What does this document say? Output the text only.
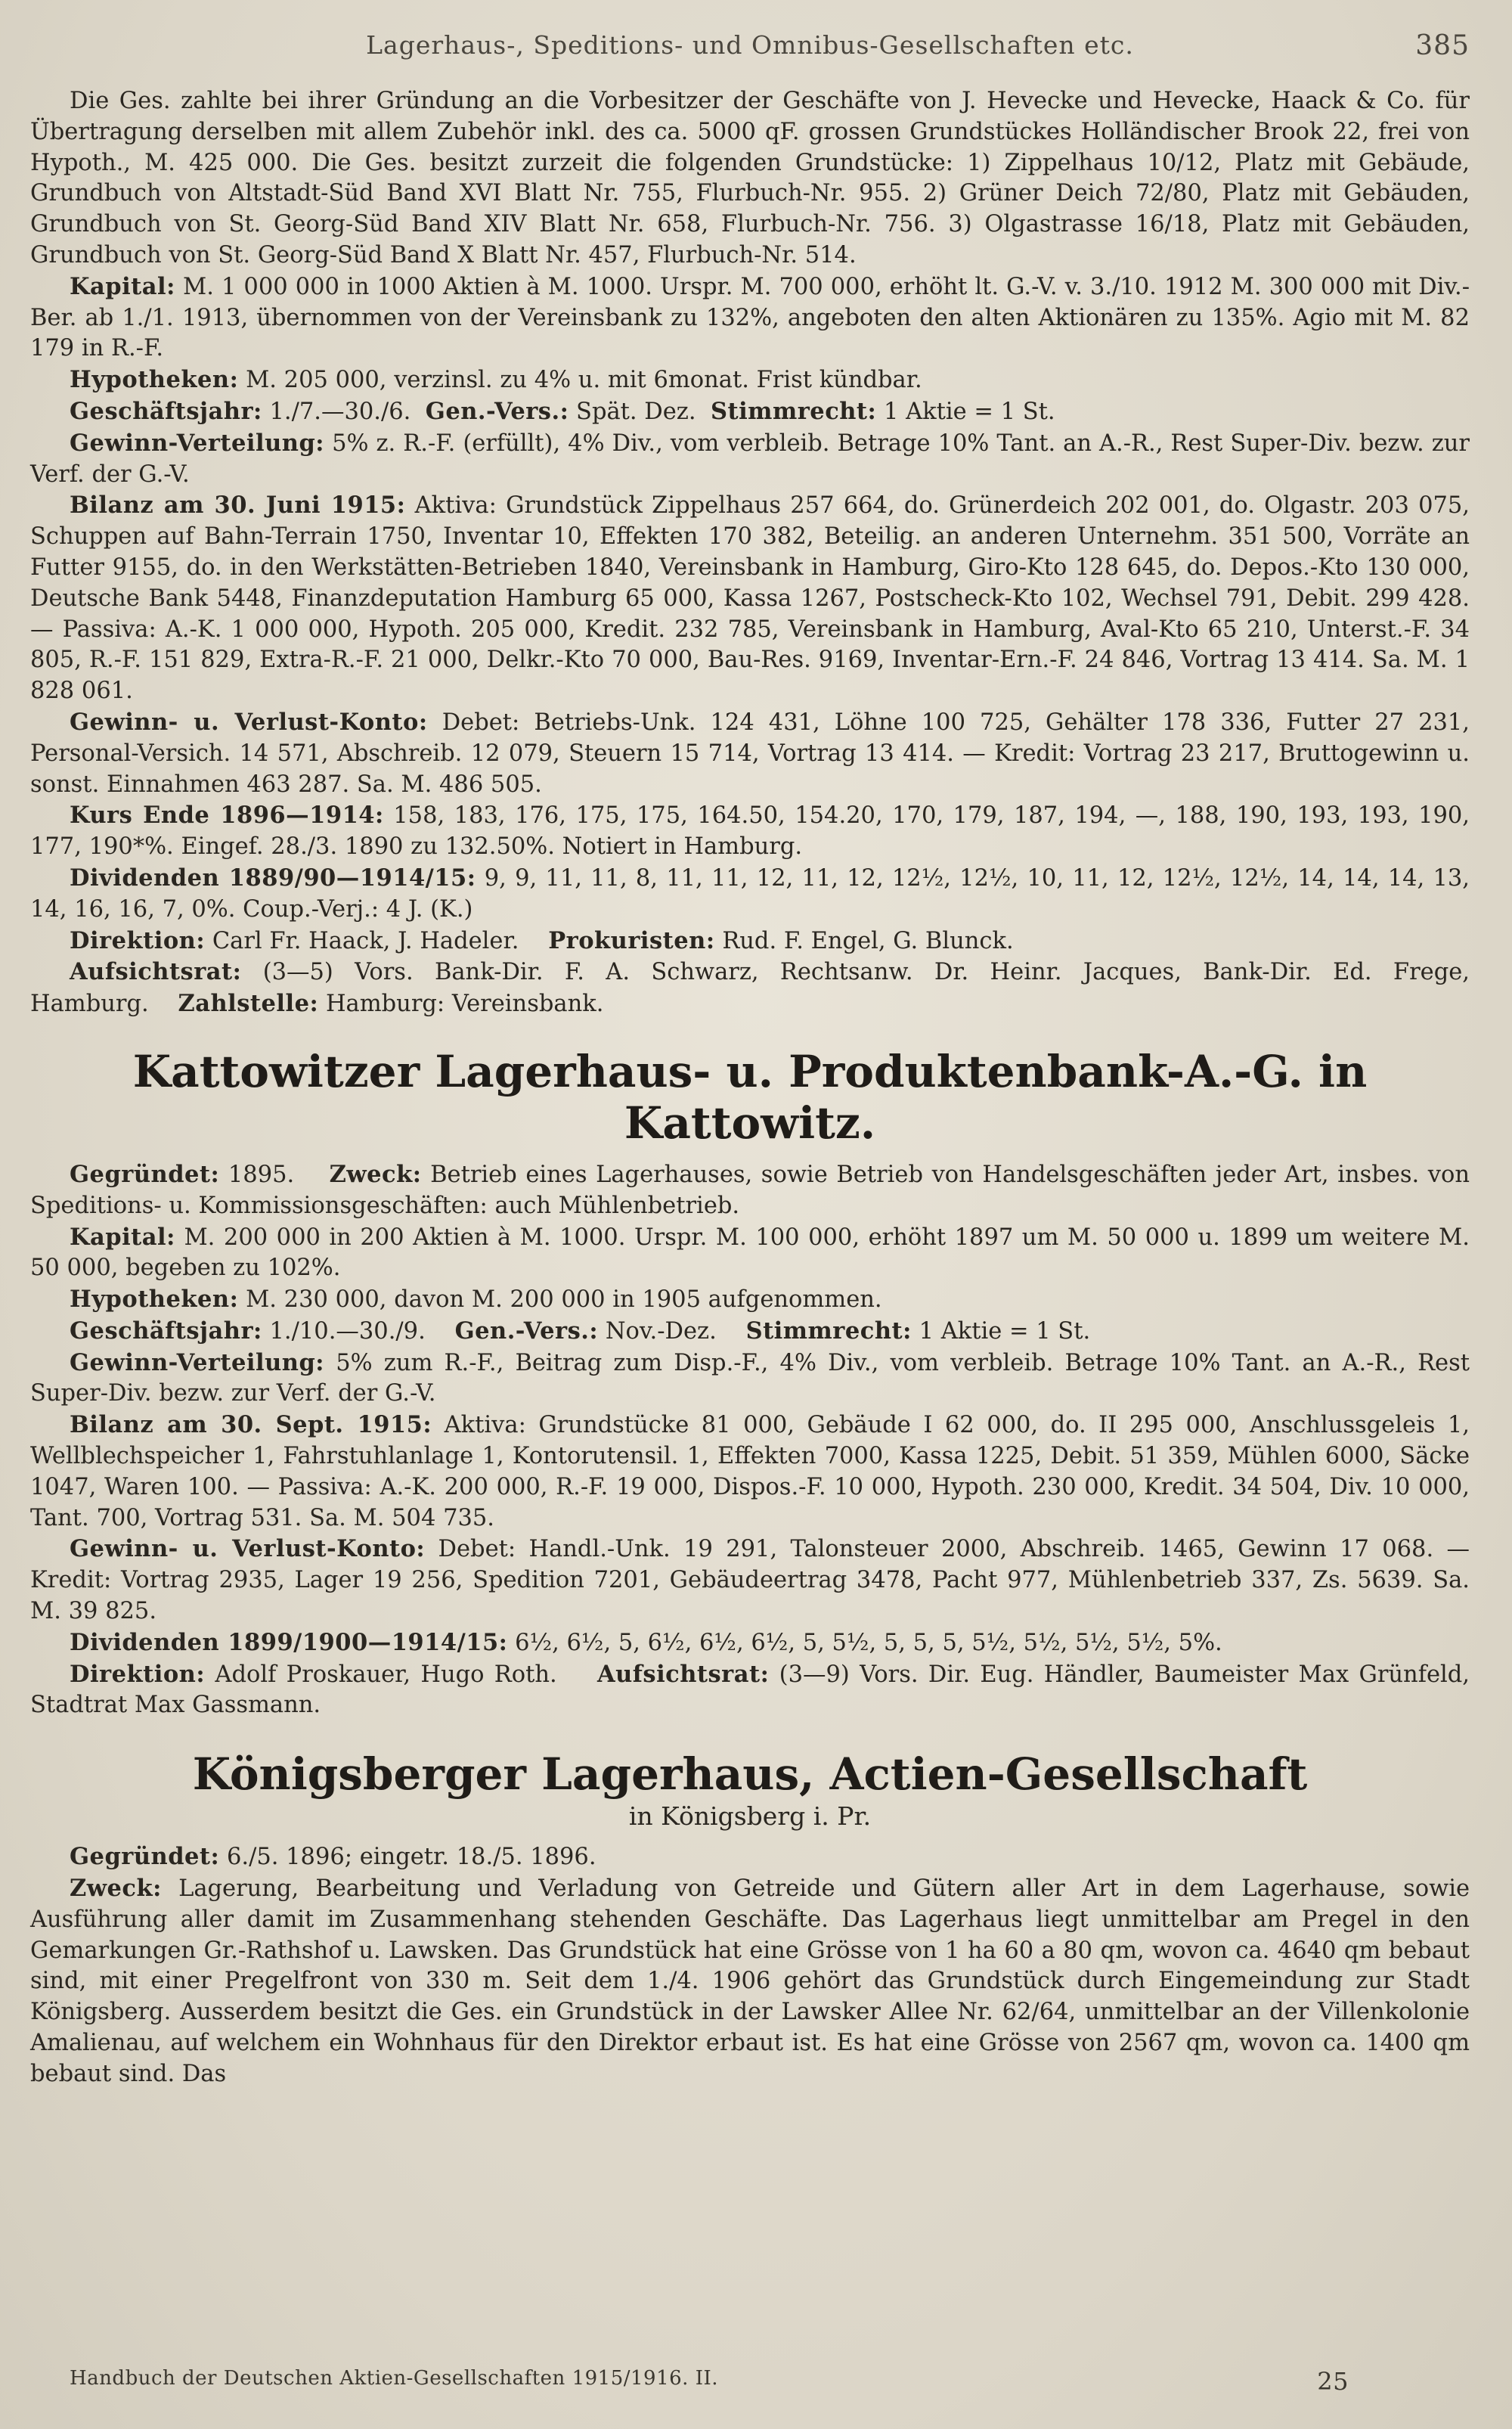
Lagerhaus-, Speditions- und Omnibus-Gesellschaften etc.	385

Die Ges. zahlte bei ihrer Gründung an die Vorbesitzer der Geschäfte von J. Hevecke und Hevecke, Haack & Co. für Übertragung derselben mit allem Zubehör inkl. des ca. 5000 qF. grossen Grundstückes Holländischer Brook 22, frei von Hypoth., M. 425 000. Die Ges. besitzt zurzeit die folgenden Grundstücke: 1) Zippelhaus 10/12, Platz mit Gebäude, Grundbuch von Altstadt-Süd Band XVI Blatt Nr. 755, Flurbuch-Nr. 955. 2) Grüner Deich 72/80, Platz mit Gebäuden, Grundbuch von St. Georg-Süd Band XIV Blatt Nr. 658, Flurbuch-Nr. 756. 3) Olgastrasse 16/18, Platz mit Gebäuden, Grundbuch von St. Georg-Süd Band X Blatt Nr. 457, Flurbuch-Nr. 514.

Kapital: M. 1 000 000 in 1000 Aktien à M. 1000. Urspr. M. 700 000, erhöht lt. G.-V. v. 3./10. 1912 M. 300 000 mit Div.-Ber. ab 1./1. 1913, übernommen von der Vereinsbank zu 132%, angeboten den alten Aktionären zu 135%. Agio mit M. 82 179 in R.-F.

Hypotheken: M. 205 000, verzinsl. zu 4% u. mit 6monat. Frist kündbar.

Geschäftsjahr: 1./7.—30./6. Gen.-Vers.: Spät. Dez. Stimmrecht: 1 Aktie = 1 St.

Gewinn-Verteilung: 5% z. R.-F. (erfüllt), 4% Div., vom verbleib. Betrage 10% Tant. an A.-R., Rest Super-Div. bezw. zur Verf. der G.-V.

Bilanz am 30. Juni 1915: Aktiva: Grundstück Zippelhaus 257 664, do. Grünerdeich 202 001, do. Olgastr. 203 075, Schuppen auf Bahn-Terrain 1750, Inventar 10, Effekten 170 382, Beteilig. an anderen Unternehm. 351 500, Vorräte an Futter 9155, do. in den Werkstätten-Betrieben 1840, Vereinsbank in Hamburg, Giro-Kto 128 645, do. Depos.-Kto 130 000, Deutsche Bank 5448, Finanzdeputation Hamburg 65 000, Kassa 1267, Postscheck-Kto 102, Wechsel 791, Debit. 299 428. — Passiva: A.-K. 1 000 000, Hypoth. 205 000, Kredit. 232 785, Vereinsbank in Hamburg, Aval-Kto 65 210, Unterst.-F. 34 805, R.-F. 151 829, Extra-R.-F. 21 000, Delkr.-Kto 70 000, Bau-Res. 9169, Inventar-Ern.-F. 24 846, Vortrag 13 414. Sa. M. 1 828 061.

Gewinn- u. Verlust-Konto: Debet: Betriebs-Unk. 124 431, Löhne 100 725, Gehälter 178 336, Futter 27 231, Personal-Versich. 14 571, Abschreib. 12 079, Steuern 15 714, Vortrag 13 414. — Kredit: Vortrag 23 217, Bruttogewinn u. sonst. Einnahmen 463 287. Sa. M. 486 505.

Kurs Ende 1896—1914: 158, 183, 176, 175, 175, 164.50, 154.20, 170, 179, 187, 194, —, 188, 190, 193, 193, 190, 177, 190*%. Eingef. 28./3. 1890 zu 132.50%. Notiert in Hamburg.

Dividenden 1889/90—1914/15: 9, 9, 11, 11, 8, 11, 11, 12, 11, 12, 12½, 12½, 10, 11, 12, 12½, 12½, 14, 14, 14, 13, 14, 16, 16, 7, 0%. Coup.-Verj.: 4 J. (K.)

Direktion: Carl Fr. Haack, J. Hadeler. Prokuristen: Rud. F. Engel, G. Blunck.

Aufsichtsrat: (3—5) Vors. Bank-Dir. F. A. Schwarz, Rechtsanw. Dr. Heinr. Jacques, Bank-Dir. Ed. Frege, Hamburg. Zahlstelle: Hamburg: Vereinsbank.

Kattowitzer Lagerhaus- u. Produktenbank-A.-G. in Kattowitz.

Gegründet: 1895. Zweck: Betrieb eines Lagerhauses, sowie Betrieb von Handelsgeschäften jeder Art, insbes. von Speditions- u. Kommissionsgeschäften: auch Mühlenbetrieb.

Kapital: M. 200 000 in 200 Aktien à M. 1000. Urspr. M. 100 000, erhöht 1897 um M. 50 000 u. 1899 um weitere M. 50 000, begeben zu 102%.

Hypotheken: M. 230 000, davon M. 200 000 in 1905 aufgenommen.

Geschäftsjahr: 1./10.—30./9. Gen.-Vers.: Nov.-Dez. Stimmrecht: 1 Aktie = 1 St.

Gewinn-Verteilung: 5% zum R.-F., Beitrag zum Disp.-F., 4% Div., vom verbleib. Betrage 10% Tant. an A.-R., Rest Super-Div. bezw. zur Verf. der G.-V.

Bilanz am 30. Sept. 1915: Aktiva: Grundstücke 81 000, Gebäude I 62 000, do. II 295 000, Anschlussgeleis 1, Wellblechspeicher 1, Fahrstuhlanlage 1, Kontorutensil. 1, Effekten 7000, Kassa 1225, Debit. 51 359, Mühlen 6000, Säcke 1047, Waren 100. — Passiva: A.-K. 200 000, R.-F. 19 000, Dispos.-F. 10 000, Hypoth. 230 000, Kredit. 34 504, Div. 10 000, Tant. 700, Vortrag 531. Sa. M. 504 735.

Gewinn- u. Verlust-Konto: Debet: Handl.-Unk. 19 291, Talonsteuer 2000, Abschreib. 1465, Gewinn 17 068. — Kredit: Vortrag 2935, Lager 19 256, Spedition 7201, Gebäudeertrag 3478, Pacht 977, Mühlenbetrieb 337, Zs. 5639. Sa. M. 39 825.

Dividenden 1899/1900—1914/15: 6½, 6½, 5, 6½, 6½, 6½, 5, 5½, 5, 5, 5, 5½, 5½, 5½, 5½, 5%.

Direktion: Adolf Proskauer, Hugo Roth. Aufsichtsrat: (3—9) Vors. Dir. Eug. Händler, Baumeister Max Grünfeld, Stadtrat Max Gassmann.

Königsberger Lagerhaus, Actien-Gesellschaft
in Königsberg i. Pr.

Gegründet: 6./5. 1896; eingetr. 18./5. 1896.

Zweck: Lagerung, Bearbeitung und Verladung von Getreide und Gütern aller Art in dem Lagerhause, sowie Ausführung aller damit im Zusammenhang stehenden Geschäfte. Das Lagerhaus liegt unmittelbar am Pregel in den Gemarkungen Gr.-Rathshof u. Lawsken. Das Grundstück hat eine Grösse von 1 ha 60 a 80 qm, wovon ca. 4640 qm bebaut sind, mit einer Pregelfront von 330 m. Seit dem 1./4. 1906 gehört das Grundstück durch Eingemeindung zur Stadt Königsberg. Ausserdem besitzt die Ges. ein Grundstück in der Lawsker Allee Nr. 62/64, unmittelbar an der Villenkolonie Amalienau, auf welchem ein Wohnhaus für den Direktor erbaut ist. Es hat eine Grösse von 2567 qm, wovon ca. 1400 qm bebaut sind. Das

Handbuch der Deutschen Aktien-Gesellschaften 1915/1916. II.	25
